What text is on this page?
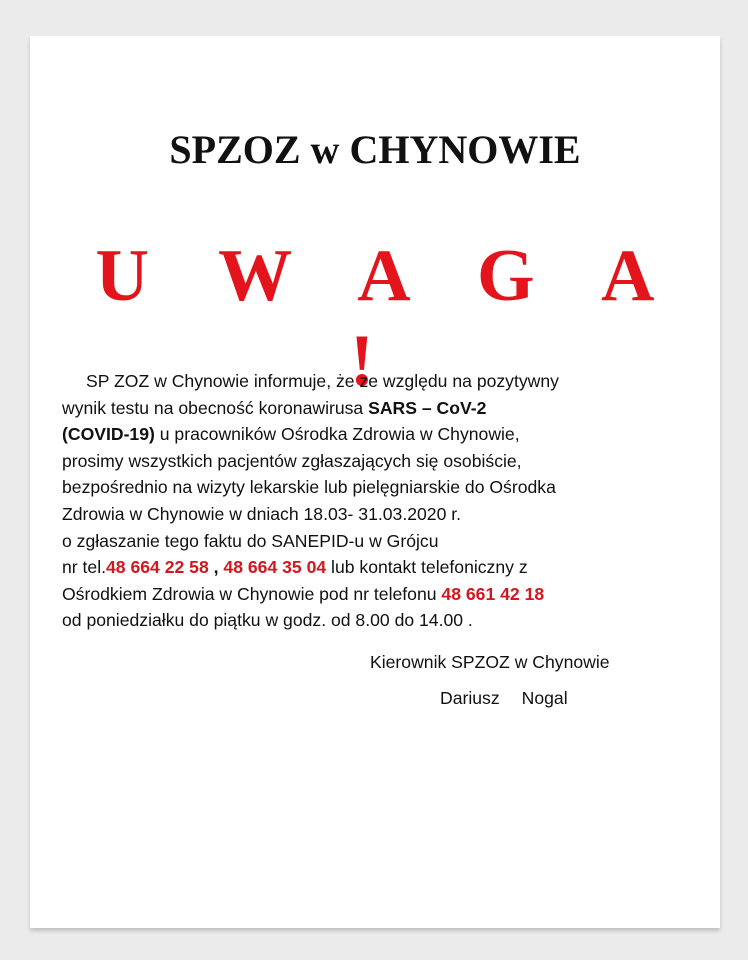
SPZOZ w CHYNOWIE
U W A G A !
SP ZOZ w Chynowie informuje, że ze względu na pozytywny
wynik testu na obecność koronawirusa SARS – CoV-2
(COVID-19) u pracowników Ośrodka Zdrowia w Chynowie,
prosimy wszystkich pacjentów zgłaszających się osobiście,
bezpośrednio na wizyty lekarskie lub pielęgniarskie do Ośrodka
Zdrowia w Chynowie w dniach 18.03- 31.03.2020 r.
o zgłaszanie tego faktu do SANEPID-u w Grójcu
nr tel.48 664 22 58 , 48 664 35 04 lub kontakt telefoniczny z
Ośrodkiem Zdrowia w Chynowie pod nr telefonu 48 661 42 18
od poniedziałku do piątku w godz. od 8.00 do 14.00 .
Kierownik SPZOZ w Chynowie
Dariusz Nogal
